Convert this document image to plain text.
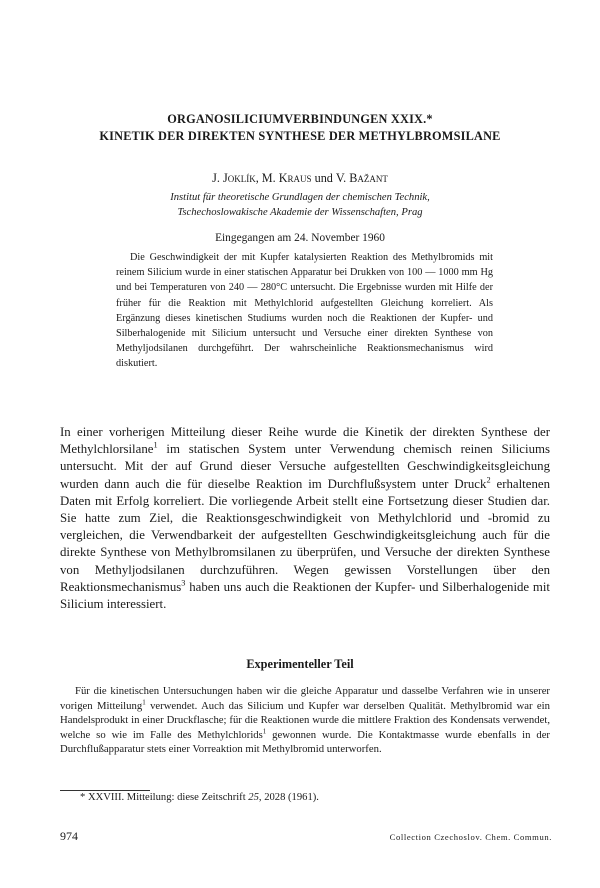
ORGANOSILICIUMVERBINDUNGEN XXIX.*
KINETIK DER DIREKTEN SYNTHESE DER METHYLBROMSILANE
J. Joklík, M. Kraus und V. Bažant
Institut für theoretische Grundlagen der chemischen Technik,
Tschechoslowakische Akademie der Wissenschaften, Prag
Eingegangen am 24. November 1960

Die Geschwindigkeit der mit Kupfer katalysierten Reaktion des Methylbromids mit reinem Silicium wurde in einer statischen Apparatur bei Drukken von 100 — 1000 mm Hg und bei Temperaturen von 240 — 280°C untersucht. Die Ergebnisse wurden mit Hilfe der früher für die Reaktion mit Methylchlorid aufgestellten Gleichung korreliert. Als Ergänzung dieses kinetischen Studiums wurden noch die Reaktionen der Kupfer- und Silberhalogenide mit Silicium untersucht und Versuche einer direkten Synthese von Methyljodsilanen durchgeführt. Der wahrscheinliche Reaktionsmechanismus wird diskutiert.

In einer vorherigen Mitteilung dieser Reihe wurde die Kinetik der direkten Synthese der Methylchlorsilane$^1$ im statischen System unter Verwendung chemisch reinen Siliciums untersucht. Mit der auf Grund dieser Versuche aufgestellten Geschwindigkeitsgleichung wurden dann auch die für dieselbe Reaktion im Durchflußsystem unter Druck$^2$ erhaltenen Daten mit Erfolg korreliert. Die vorliegende Arbeit stellt eine Fortsetzung dieser Studien dar. Sie hatte zum Ziel, die Reaktionsgeschwindigkeit von Methylchlorid und -bromid zu vergleichen, die Verwendbarkeit der aufgestellten Geschwindigkeitsgleichung auch für die direkte Synthese von Methylbromsilanen zu überprüfen, und Versuche der direkten Synthese von Methyljodsilanen durchzuführen. Wegen gewissen Vorstellungen über den Reaktionsmechanismus$^3$ haben uns auch die Reaktionen der Kupfer- und Silberhalogenide mit Silicium interessiert.

Experimenteller Teil

Für die kinetischen Untersuchungen haben wir die gleiche Apparatur und dasselbe Verfahren wie in unserer vorigen Mitteilung$^1$ verwendet. Auch das Silicium und Kupfer war derselben Qualität. Methylbromid war ein Handelsprodukt in einer Druckflasche; für die Reaktionen wurde die mittlere Fraktion des Kondensats verwendet, welche so wie im Falle des Methylchlorids$^1$ gewonnen wurde. Die Kontaktmasse wurde ebenfalls in der Durchflußapparatur stets einer Vorreaktion mit Methylbromid unterworfen.

* XXVIII. Mitteilung: diese Zeitschrift 25, 2028 (1961).
974	Collection Czechoslov. Chem. Commun.
